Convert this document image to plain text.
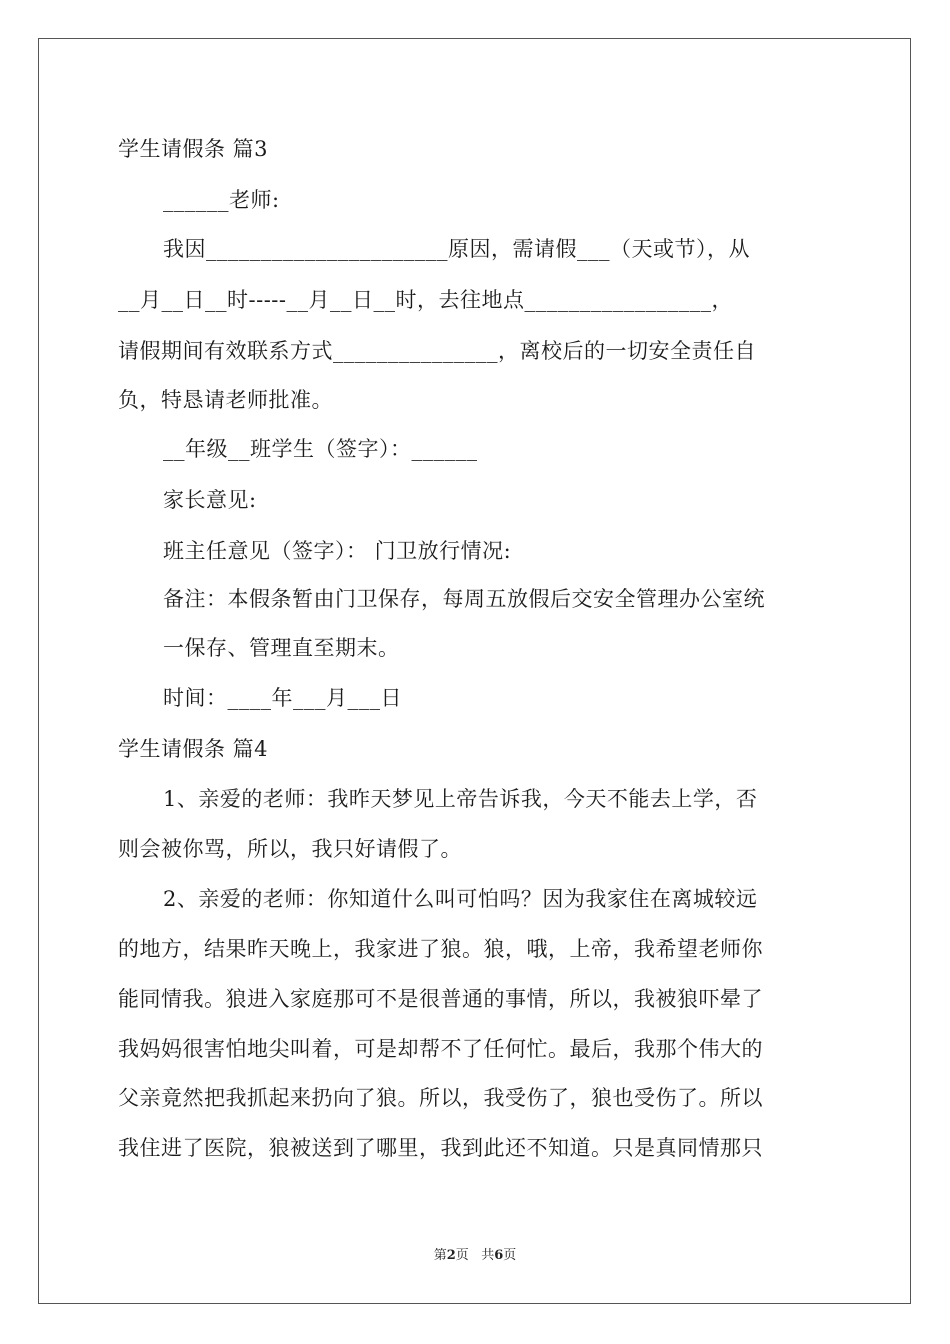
学生请假条 篇3
______老师:
我因______________________原因，需请假___（天或节），从
__月__日__时-----__月__日__时，去往地点_________________，
请假期间有效联系方式_______________，离校后的一切安全责任自
负，特恳请老师批准。
__年级__班学生（签字）：______
家长意见:
班主任意见（签字）： 门卫放行情况:
备注：本假条暂由门卫保存，每周五放假后交安全管理办公室统
一保存、管理直至期末。
时间：____年___月___日
学生请假条 篇4
1、亲爱的老师：我昨天梦见上帝告诉我，今天不能去上学，否
则会被你骂，所以，我只好请假了。
2、亲爱的老师：你知道什么叫可怕吗？因为我家住在离城较远
的地方，结果昨天晚上，我家进了狼。狼，哦，上帝，我希望老师你
能同情我。狼进入家庭那可不是很普通的事情，所以，我被狼吓晕了
我妈妈很害怕地尖叫着，可是却帮不了任何忙。最后，我那个伟大的
父亲竟然把我抓起来扔向了狼。所以，我受伤了，狼也受伤了。所以
我住进了医院，狼被送到了哪里，我到此还不知道。只是真同情那只
第2页 共6页
